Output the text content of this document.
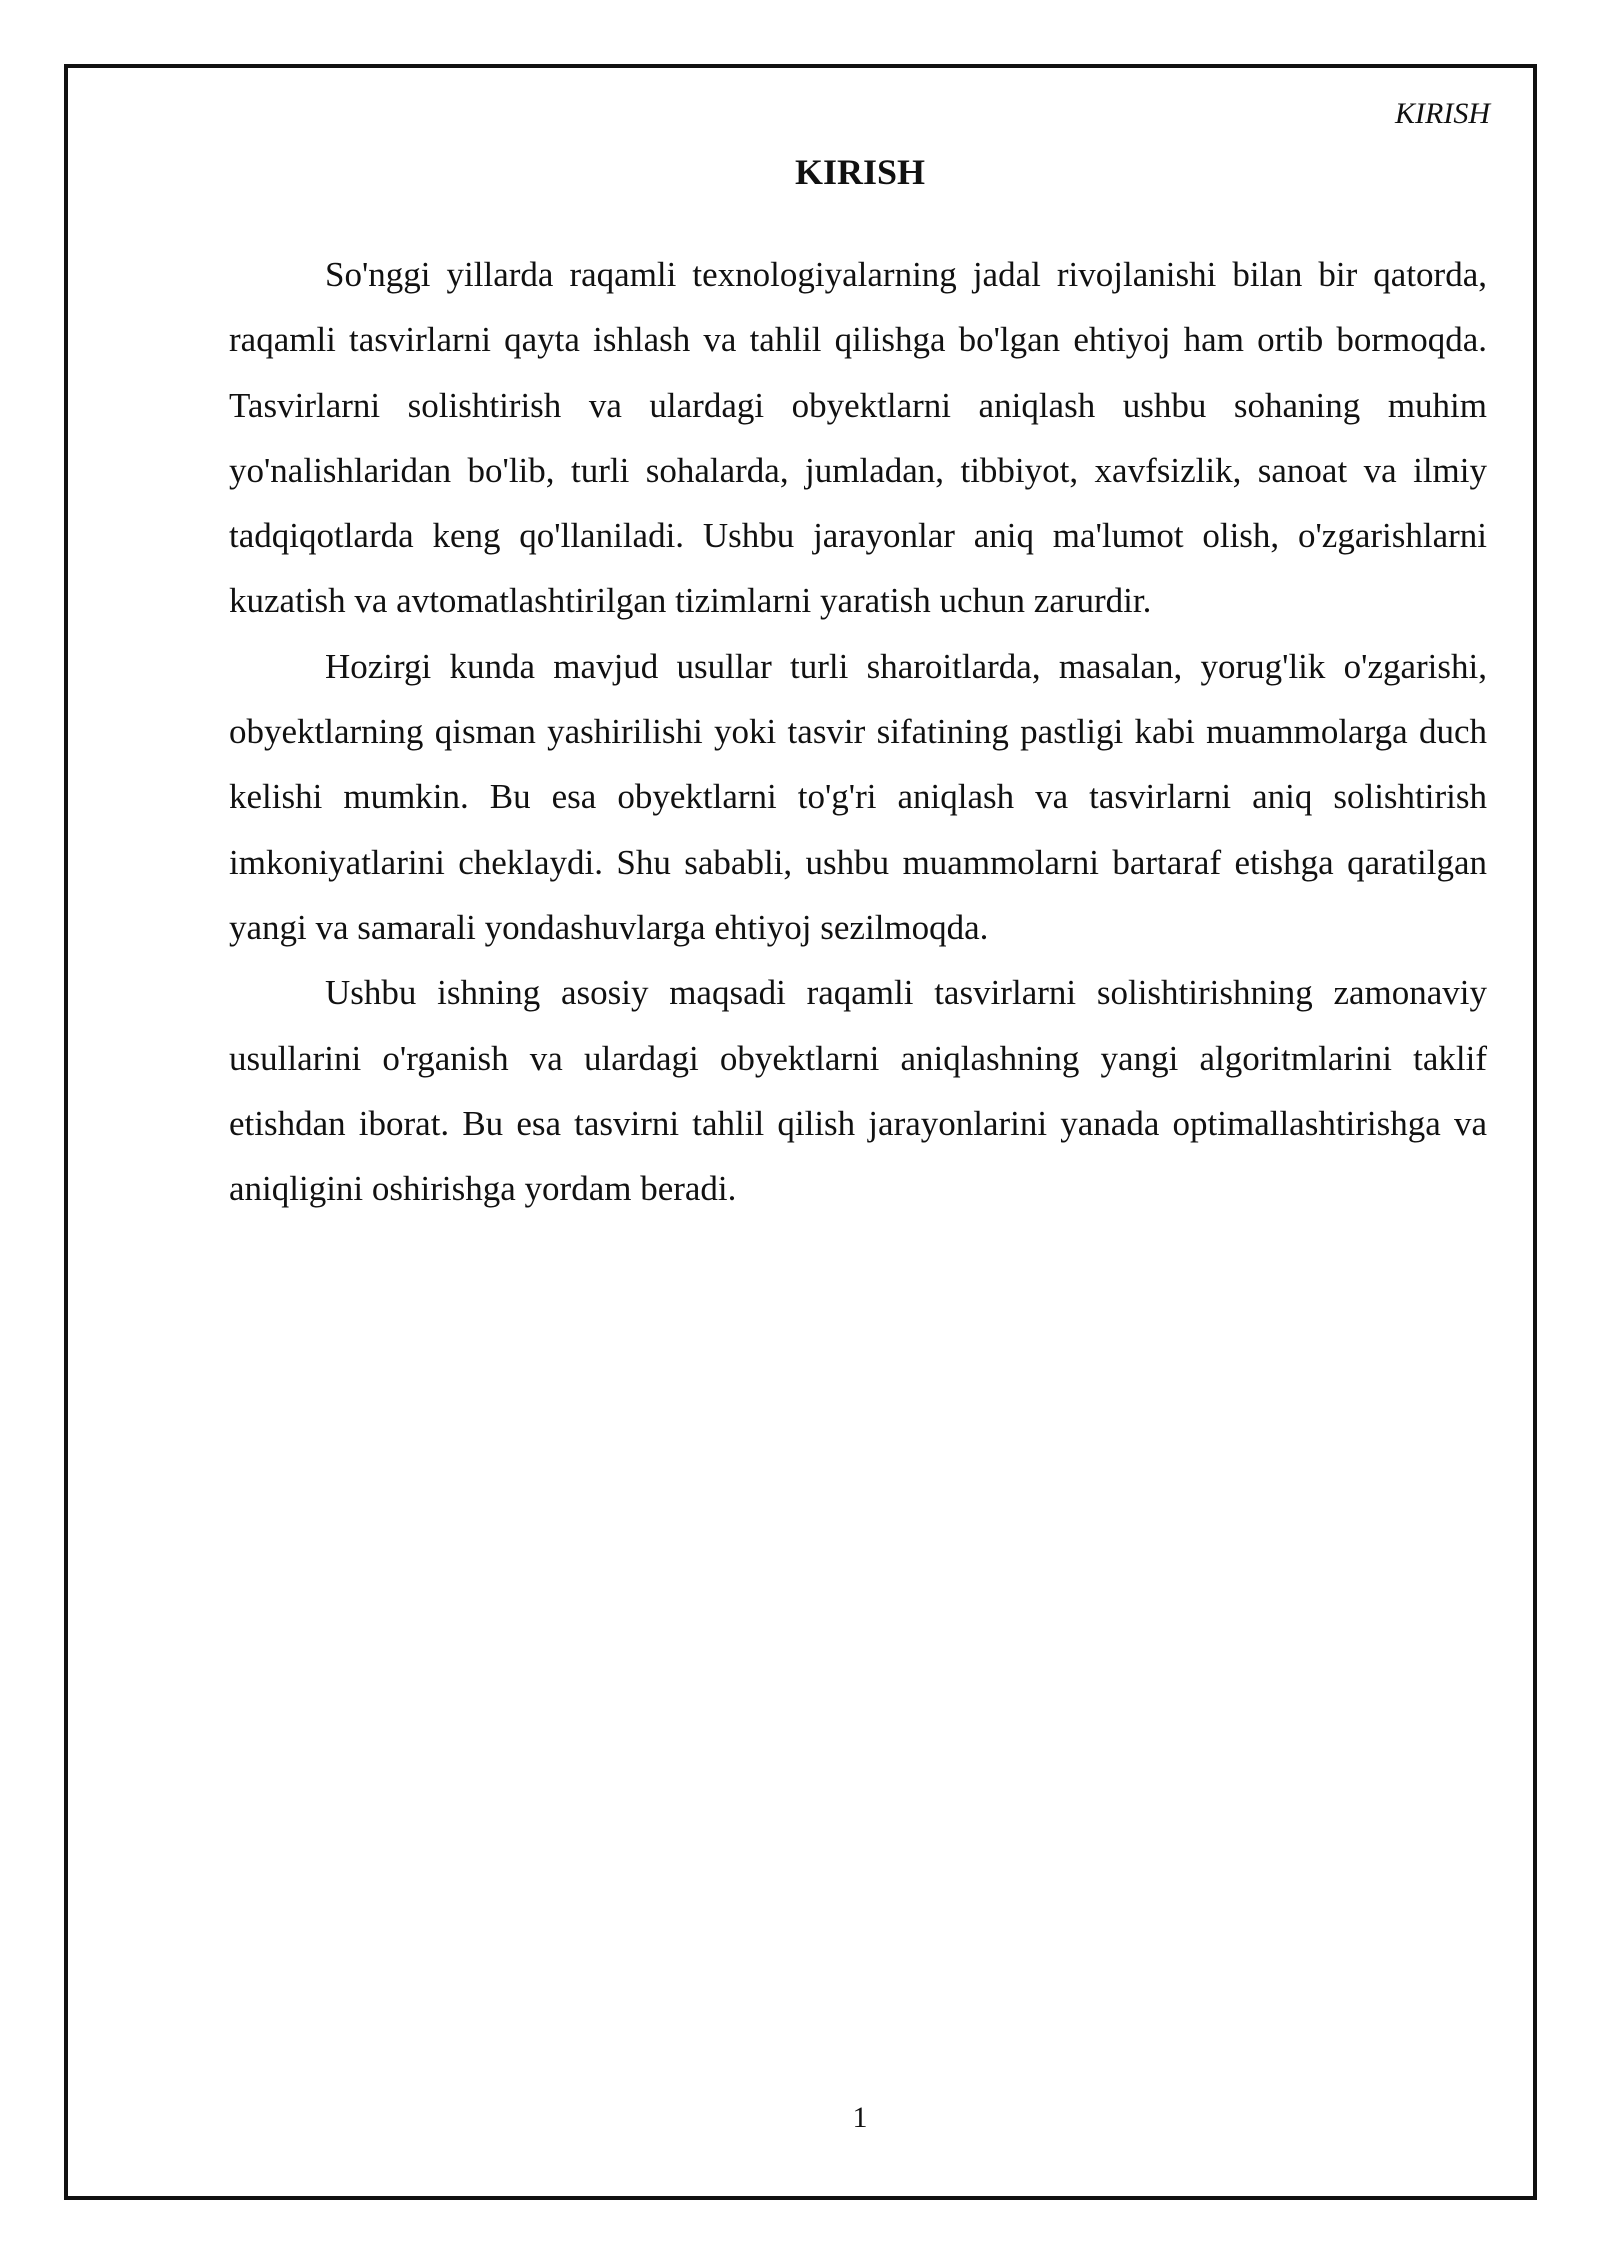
KIRISH
KIRISH

So'nggi yillarda raqamli texnologiyalarning jadal rivojlanishi bilan bir qatorda, raqamli tasvirlarni qayta ishlash va tahlil qilishga bo'lgan ehtiyoj ham ortib bormoqda. Tasvirlarni solishtirish va ulardagi obyektlarni aniqlash ushbu sohaning muhim yo'nalishlaridan bo'lib, turli sohalarda, jumladan, tibbiyot, xavfsizlik, sanoat va ilmiy tadqiqotlarda keng qo'llaniladi. Ushbu jarayonlar aniq ma'lumot olish, o'zgarishlarni kuzatish va avtomatlashtirilgan tizimlarni yaratish uchun zarurdir.

Hozirgi kunda mavjud usullar turli sharoitlarda, masalan, yorug'lik o'zgarishi, obyektlarning qisman yashirilishi yoki tasvir sifatining pastligi kabi muammolarga duch kelishi mumkin. Bu esa obyektlarni to'g'ri aniqlash va tasvirlarni aniq solishtirish imkoniyatlarini cheklaydi. Shu sababli, ushbu muammolarni bartaraf etishga qaratilgan yangi va samarali yondashuvlarga ehtiyoj sezilmoqda.

Ushbu ishning asosiy maqsadi raqamli tasvirlarni solishtirishning zamonaviy usullarini o'rganish va ulardagi obyektlarni aniqlashning yangi algoritmlarini taklif etishdan iborat. Bu esa tasvirni tahlil qilish jarayonlarini yanada optimallashtirishga va aniqligini oshirishga yordam beradi.

1
